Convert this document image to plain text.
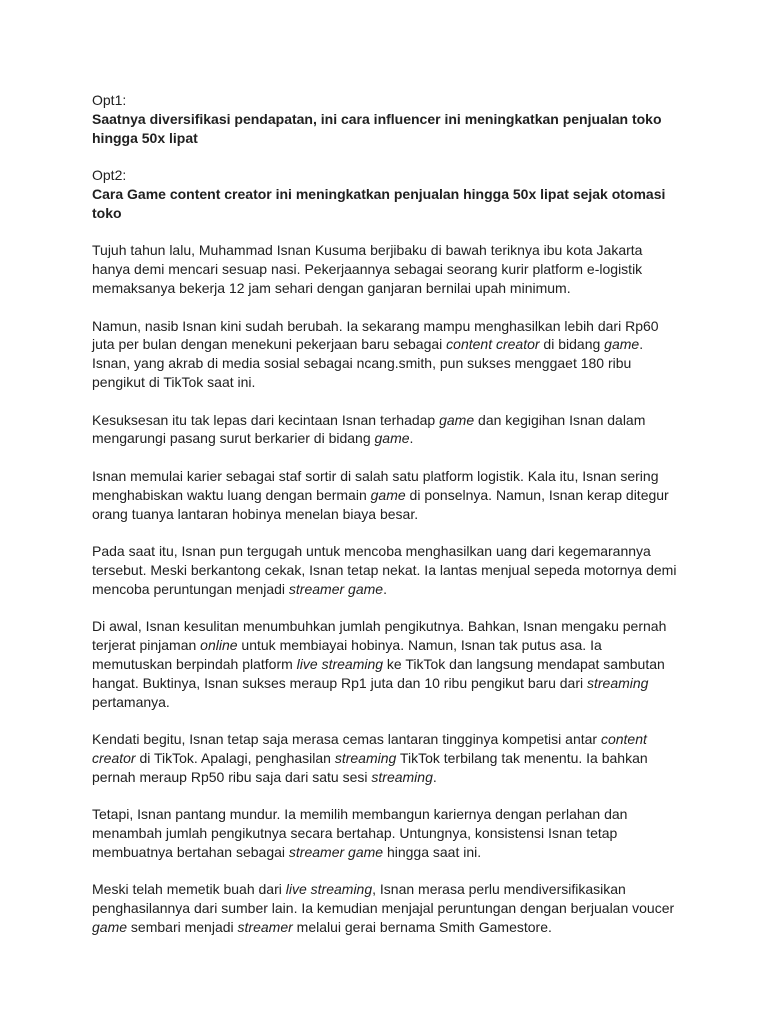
Opt1:

Saatnya diversifikasi pendapatan, ini cara influencer ini meningkatkan penjualan toko hingga 50x lipat

Opt2:

Cara Game content creator ini meningkatkan penjualan hingga 50x lipat sejak otomasi toko

Tujuh tahun lalu, Muhammad Isnan Kusuma berjibaku di bawah teriknya ibu kota Jakarta hanya demi mencari sesuap nasi. Pekerjaannya sebagai seorang kurir platform e-logistik memaksanya bekerja 12 jam sehari dengan ganjaran bernilai upah minimum.

Namun, nasib Isnan kini sudah berubah. Ia sekarang mampu menghasilkan lebih dari Rp60 juta per bulan dengan menekuni pekerjaan baru sebagai content creator di bidang game. Isnan, yang akrab di media sosial sebagai ncang.smith, pun sukses menggaet 180 ribu pengikut di TikTok saat ini.

Kesuksesan itu tak lepas dari kecintaan Isnan terhadap game dan kegigihan Isnan dalam mengarungi pasang surut berkarier di bidang game.

Isnan memulai karier sebagai staf sortir di salah satu platform logistik. Kala itu, Isnan sering menghabiskan waktu luang dengan bermain game di ponselnya. Namun, Isnan kerap ditegur orang tuanya lantaran hobinya menelan biaya besar.

Pada saat itu, Isnan pun tergugah untuk mencoba menghasilkan uang dari kegemarannya tersebut. Meski berkantong cekak, Isnan tetap nekat. Ia lantas menjual sepeda motornya demi mencoba peruntungan menjadi streamer game.

Di awal, Isnan kesulitan menumbuhkan jumlah pengikutnya. Bahkan, Isnan mengaku pernah terjerat pinjaman online untuk membiayai hobinya. Namun, Isnan tak putus asa. Ia memutuskan berpindah platform live streaming ke TikTok dan langsung mendapat sambutan hangat. Buktinya, Isnan sukses meraup Rp1 juta dan 10 ribu pengikut baru dari streaming pertamanya.

Kendati begitu, Isnan tetap saja merasa cemas lantaran tingginya kompetisi antar content creator di TikTok. Apalagi, penghasilan streaming TikTok terbilang tak menentu. Ia bahkan pernah meraup Rp50 ribu saja dari satu sesi streaming.

Tetapi, Isnan pantang mundur. Ia memilih membangun kariernya dengan perlahan dan menambah jumlah pengikutnya secara bertahap. Untungnya, konsistensi Isnan tetap membuatnya bertahan sebagai streamer game hingga saat ini.

Meski telah memetik buah dari live streaming, Isnan merasa perlu mendiversifikasikan penghasilannya dari sumber lain. Ia kemudian menjajal peruntungan dengan berjualan voucer game sembari menjadi streamer melalui gerai bernama Smith Gamestore.
